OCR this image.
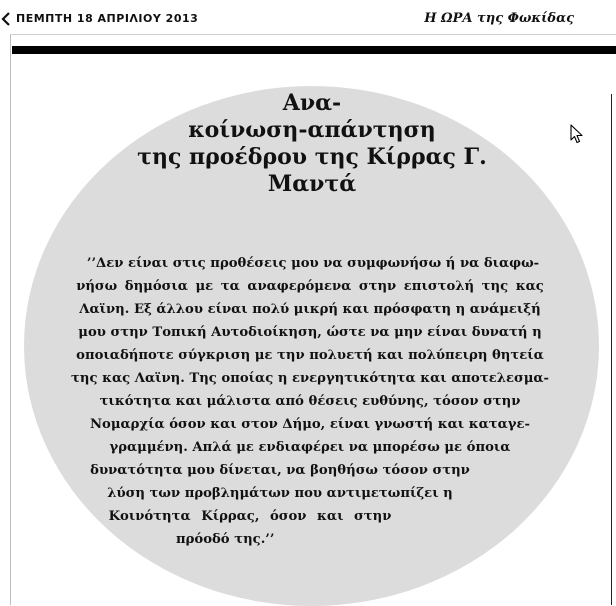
ΠΕΜΠΤΗ 18 ΑΠΡΙΛΙΟΥ 2013	Η ΩΡΑ της Φωκίδας
Ανα-
κοίνωση-απάντηση
της προέδρου της Κίρρας Γ.
Μαντά

’’Δεν είναι στις προθέσεις μου να συμφωνήσω ή να διαφω-
νήσω δημόσια με τα αναφερόμενα στην επιστολή της κας
Λαϊνη. Εξ άλλου είναι πολύ μικρή και πρόσφατη η ανάμειξή
μου στην Τοπική Αυτοδιοίκηση, ώστε να μην είναι δυνατή η
οποιαδήποτε σύγκριση με την πολυετή και πολύπειρη θητεία
της κας Λαϊνη. Της οποίας η ενεργητικότητα και αποτελεσμα-
τικότητα και μάλιστα από θέσεις ευθύνης, τόσον στην
Νομαρχία όσον και στον Δήμο, είναι γνωστή και καταγε-
γραμμένη. Απλά με ενδιαφέρει να μπορέσω με όποια
δυνατότητα μου δίνεται, να βοηθήσω τόσον στην
λύση των προβλημάτων που αντιμετωπίζει η
Κοινότητα Κίρρας, όσον και στην
πρόοδό της.’’
